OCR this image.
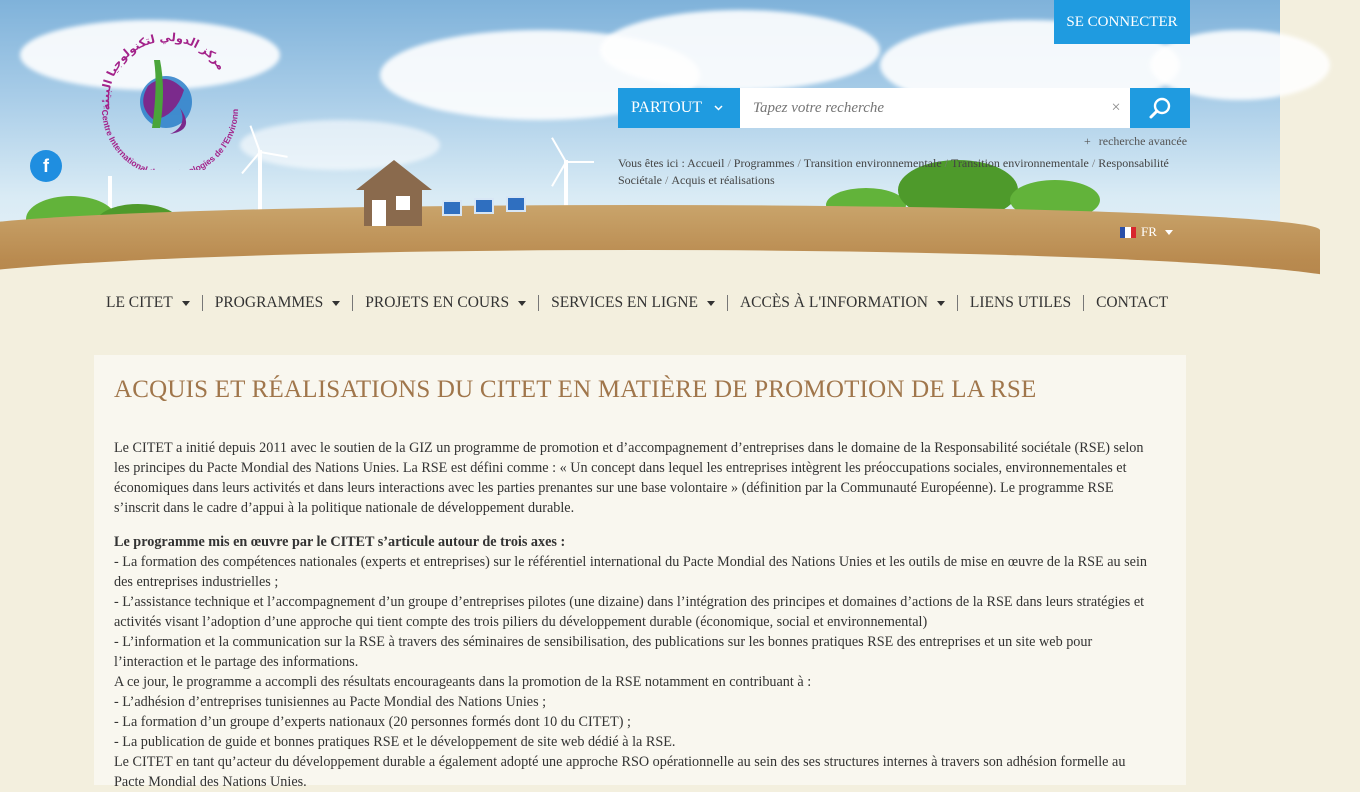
مركز الدولي لتكنولوجيا البيئة
Centre International logies de l'Environn
f
SE CONNECTER
PARTOUT
Tapez votre recherche	×
+ recherche avancée
Vous êtes ici : Accueil / Programmes / Transition environnementale / Transition environnementale / Responsabilité Sociétale / Acquis et réalisations
FR
LE CITET	PROGRAMMES	PROJETS EN COURS	SERVICES EN LIGNE	ACCÈS À L'INFORMATION	LIENS UTILES CONTACT
ACQUIS ET RÉALISATIONS DU CITET EN MATIÈRE DE PROMOTION DE LA RSE

Le CITET a initié depuis 2011 avec le soutien de la GIZ un programme de promotion et d’accompagnement d’entreprises dans le domaine de la Responsabilité sociétale (RSE) selon les principes du Pacte Mondial des Nations Unies. La RSE est défini comme : « Un concept dans lequel les entreprises intègrent les préoccupations sociales, environnementales et économiques dans leurs activités et dans leurs interactions avec les parties prenantes sur une base volontaire » (définition par la Communauté Européenne). Le programme RSE s’inscrit dans le cadre d’appui à la politique nationale de développement durable.

Le programme mis en œuvre par le CITET s’articule autour de trois axes :

- La formation des compétences nationales (experts et entreprises) sur le référentiel international du Pacte Mondial des Nations Unies et les outils de mise en œuvre de la RSE au sein des entreprises industrielles ;

- L’assistance technique et l’accompagnement d’un groupe d’entreprises pilotes (une dizaine) dans l’intégration des principes et domaines d’actions de la RSE dans leurs stratégies et activités visant l’adoption d’une approche qui tient compte des trois piliers du développement durable (économique, social et environnemental)

- L’information et la communication sur la RSE à travers des séminaires de sensibilisation, des publications sur les bonnes pratiques RSE des entreprises et un site web pour l’interaction et le partage des informations.

A ce jour, le programme a accompli des résultats encourageants dans la promotion de la RSE notamment en contribuant à :

- L’adhésion d’entreprises tunisiennes au Pacte Mondial des Nations Unies ;

- La formation d’un groupe d’experts nationaux (20 personnes formés dont 10 du CITET) ;

- La publication de guide et bonnes pratiques RSE et le développement de site web dédié à la RSE.

Le CITET en tant qu’acteur du développement durable a également adopté une approche RSO opérationnelle au sein des ses structures internes à travers son adhésion formelle au Pacte Mondial des Nations Unies.
